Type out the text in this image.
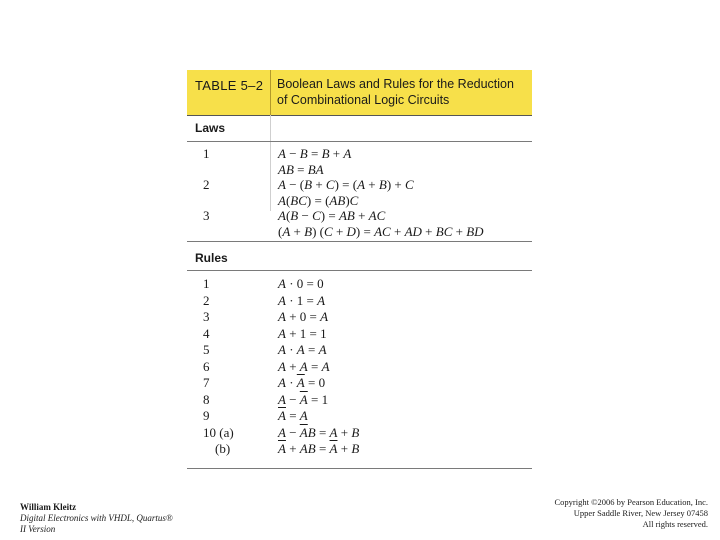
TABLE 5–2 Boolean Laws and Rules for the Reduction
of Combinational Logic Circuits
Laws
1	A − B = B + A
AB = BA
2	A − (B + C) = (A + B) + C
A(BC) = (AB)C
3	A(B − C) = AB + AC
(A + B) (C + D) = AC + AD + BC + BD
Rules
1	A · 0 = 0
2	A · 1 = A
3	A + 0 = A
4	A + 1 = 1
5	A · A = A
6	A + A = A
7	$A \cdot \overline{A} = 0$
8	$A - \overline{A} = 1$
9	A = A
10 (a)	$A - \overline{A}B = A + B$
(b)	$\overline{A}$ + AB = $\overline{A} + B$
William Kleitz
Digital Electronics with VHDL, Quartus®
II Version
Copyright ©2006 by Pearson Education, Inc.
Upper Saddle River, New Jersey 07458
All rights reserved.
